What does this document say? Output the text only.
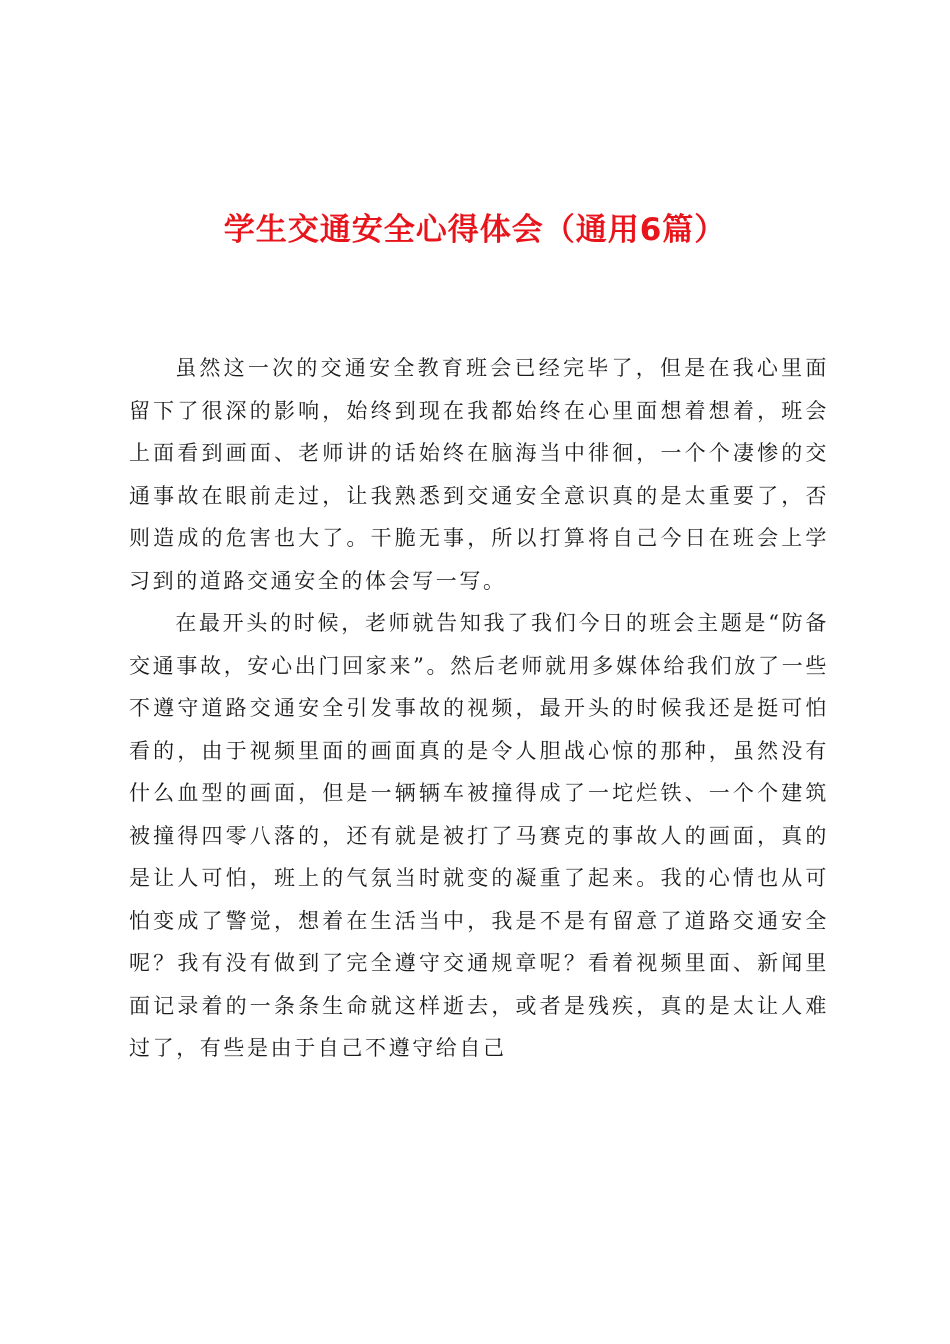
学生交通安全心得体会（通用6篇）

虽然这一次的交通安全教育班会已经完毕了，但是在我心里面留下了很深的影响，始终到现在我都始终在心里面想着想着，班会上面看到画面、老师讲的话始终在脑海当中徘徊，一个个凄惨的交通事故在眼前走过，让我熟悉到交通安全意识真的是太重要了，否则造成的危害也大了。干脆无事，所以打算将自己今日在班会上学习到的道路交通安全的体会写一写。

在最开头的时候，老师就告知我了我们今日的班会主题是“防备交通事故，安心出门回家来”。然后老师就用多媒体给我们放了一些不遵守道路交通安全引发事故的视频，最开头的时候我还是挺可怕看的，由于视频里面的画面真的是令人胆战心惊的那种，虽然没有什么血型的画面，但是一辆辆车被撞得成了一坨烂铁、一个个建筑被撞得四零八落的，还有就是被打了马赛克的事故人的画面，真的是让人可怕，班上的气氛当时就变的凝重了起来。我的心情也从可怕变成了警觉，想着在生活当中，我是不是有留意了道路交通安全呢？我有没有做到了完全遵守交通规章呢？看着视频里面、新闻里面记录着的一条条生命就这样逝去，或者是残疾，真的是太让人难过了，有些是由于自己不遵守给自己
